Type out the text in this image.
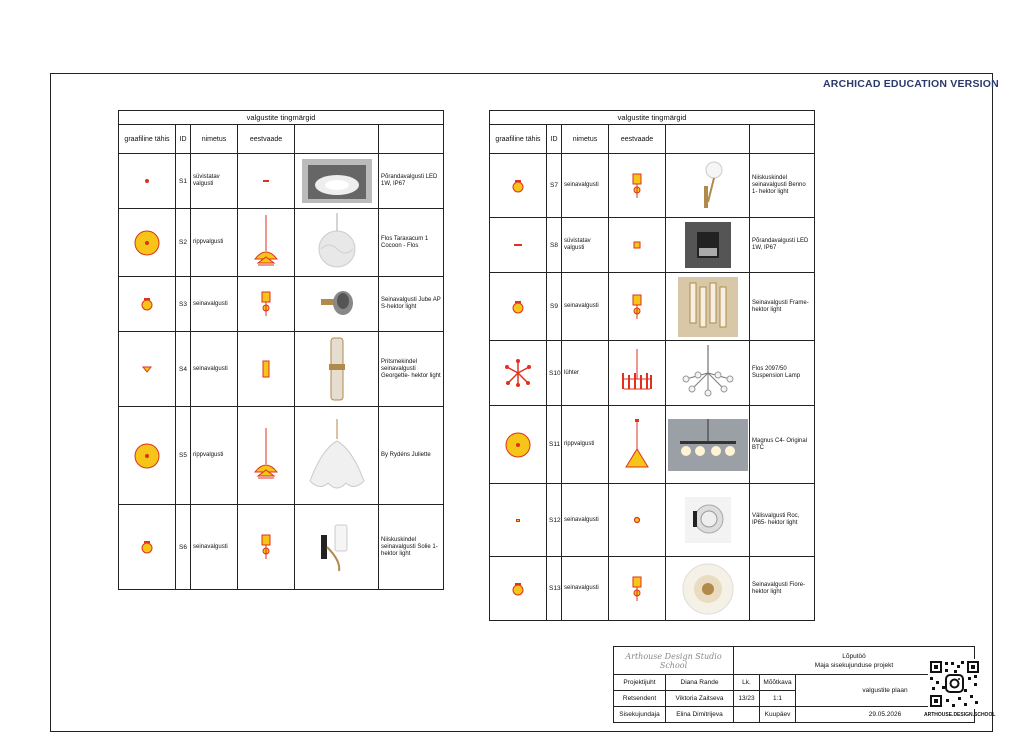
ARCHICAD EDUCATION VERSION
valgustite tingmärgid					
graafiline tähis	ID	nimetus	eestvaade		

	S1	süvistatav valgusti			Põrandavalgusti LED 1W, IP67

	S2	rippvalgusti			Flos Taraxacum 1 Cocoon - Flos

	S3	seinavalgusti			Seinavalgusti Jube AP S-hektor light

	S4	seinavalgusti			Pritsmekindel seinavalgusti Georgette- hektor light

	S5	rippvalgusti			By Rydéns Juliette

	S6	seinavalgusti			Niiskuskindel seinavalgusti Solie 1- hektor light
valgustite tingmärgid					
graafiline tähis	ID	nimetus	eestvaade		

	S7	seinavalgusti			Niiskuskindel seinavalgusti Benno 1- hektor light

	S8	süvistatav valgusti			Põrandavalgusti LED 1W, IP67

	S9	seinavalgusti			Seinavalgusti Frame- hektor light

	S10	lühter			Flos 2097/50 Suspension Lamp

	S11	rippvalgusti			Magnus C4- Original BTC

	S12	seinavalgusti			Välisvalgusti Roc, IP65- hektor light

	S13	seinavalgusti			Seinavalgusti Fiore- hektor light
Arthouse Design Studio School		Lõputöö
Maja sisekujunduse projekt		

Projektijuht	Diana Rande	Lk.	Mõõtkava	valgustite plaan
Retsendent	Viktoria Zaitseva	13/23	1:1	
Sisekujundaja	Elina Dimitrijeva		Kuupäev	29.05.2026	ARTHOUSE.DESIGN.SCHOOL
